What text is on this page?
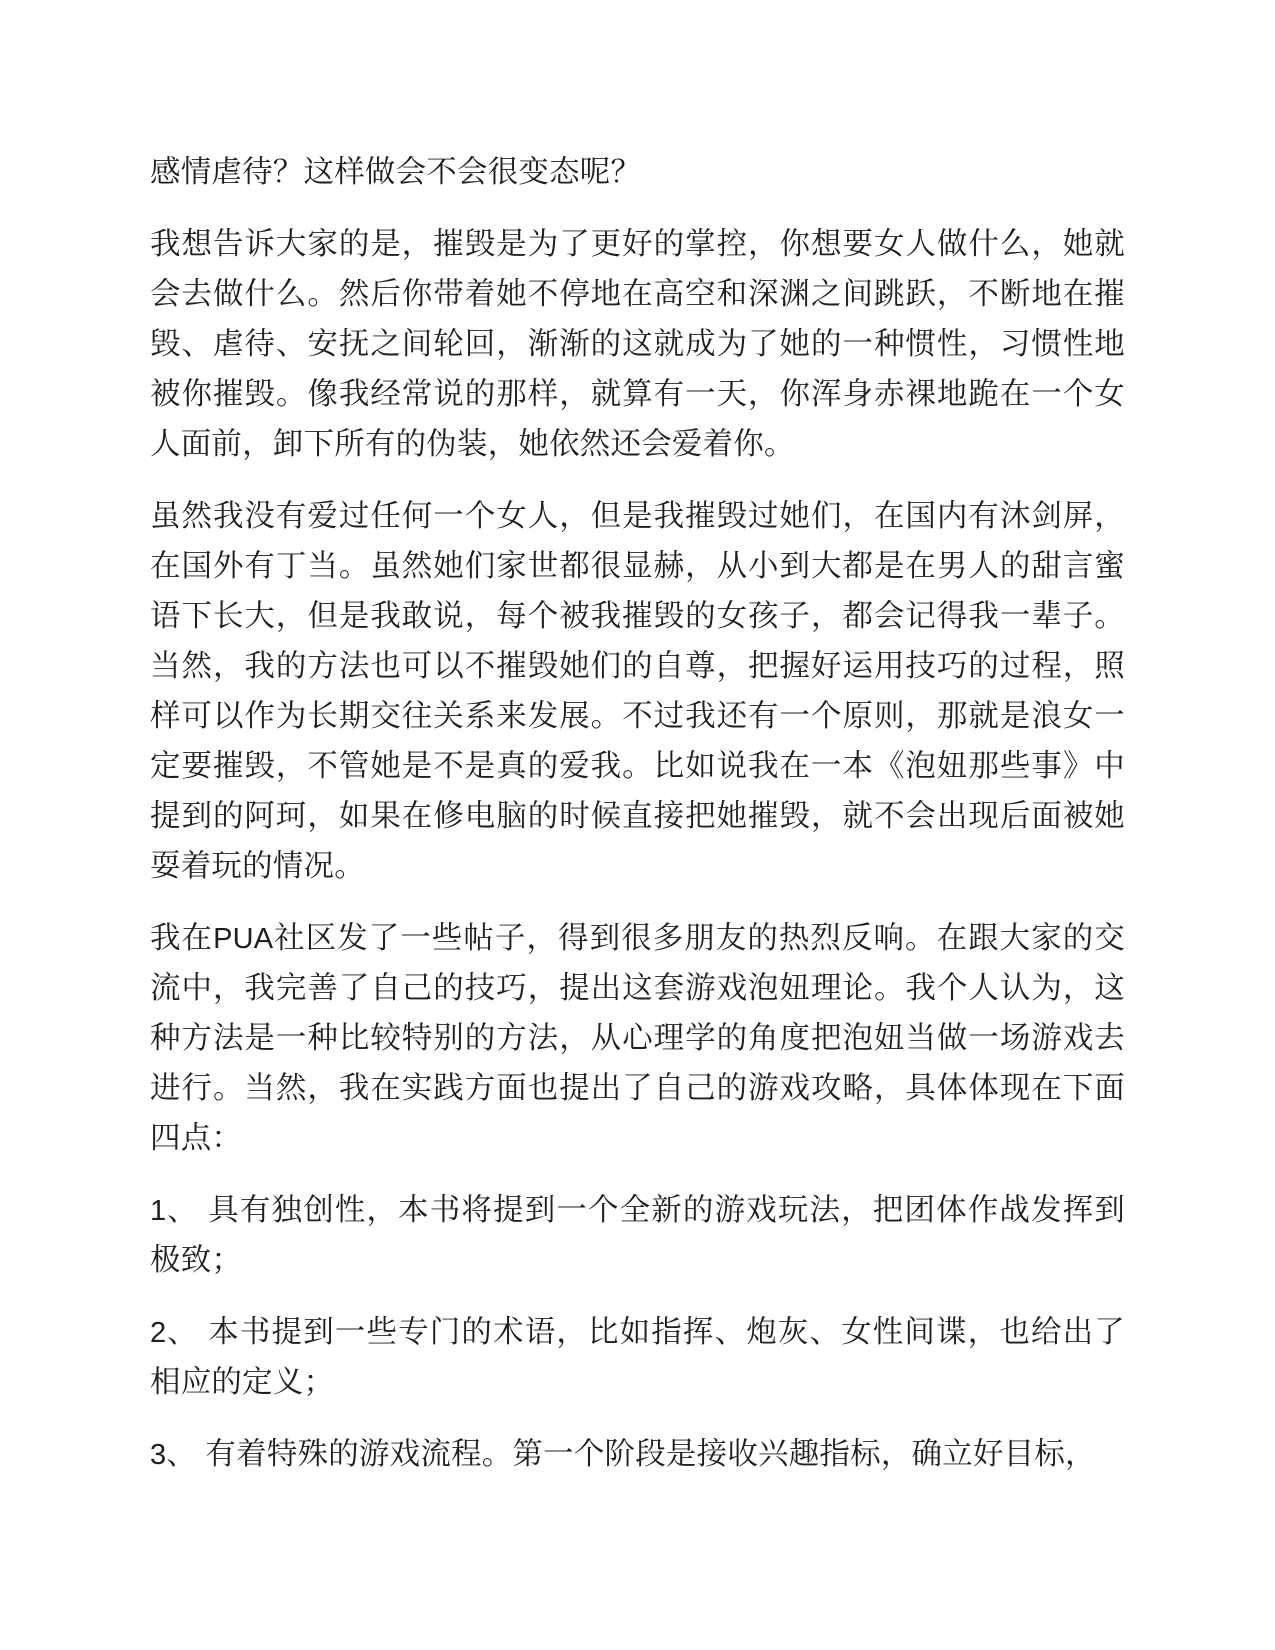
感情虐待？这样做会不会很变态呢？

我想告诉大家的是，摧毁是为了更好的掌控，你想要女人做什么，她就会去做什么。然后你带着她不停地在高空和深渊之间跳跃，不断地在摧毁、虐待、安抚之间轮回，渐渐的这就成为了她的一种惯性，习惯性地被你摧毁。像我经常说的那样，就算有一天，你浑身赤裸地跪在一个女人面前，卸下所有的伪装，她依然还会爱着你。

虽然我没有爱过任何一个女人，但是我摧毁过她们，在国内有沐剑屏，在国外有丁当。虽然她们家世都很显赫，从小到大都是在男人的甜言蜜语下长大，但是我敢说，每个被我摧毁的女孩子，都会记得我一辈子。当然，我的方法也可以不摧毁她们的自尊，把握好运用技巧的过程，照样可以作为长期交往关系来发展。不过我还有一个原则，那就是浪女一定要摧毁，不管她是不是真的爱我。比如说我在一本《泡妞那些事》中提到的阿珂，如果在修电脑的时候直接把她摧毁，就不会出现后面被她耍着玩的情况。

我在PUA社区发了一些帖子，得到很多朋友的热烈反响。在跟大家的交流中，我完善了自己的技巧，提出这套游戏泡妞理论。我个人认为，这种方法是一种比较特别的方法，从心理学的角度把泡妞当做一场游戏去进行。当然，我在实践方面也提出了自己的游戏攻略，具体体现在下面四点：

1、 具有独创性，本书将提到一个全新的游戏玩法，把团体作战发挥到极致；

2、 本书提到一些专门的术语，比如指挥、炮灰、女性间谍，也给出了相应的定义；

3、 有着特殊的游戏流程。第一个阶段是接收兴趣指标，确立好目标，
